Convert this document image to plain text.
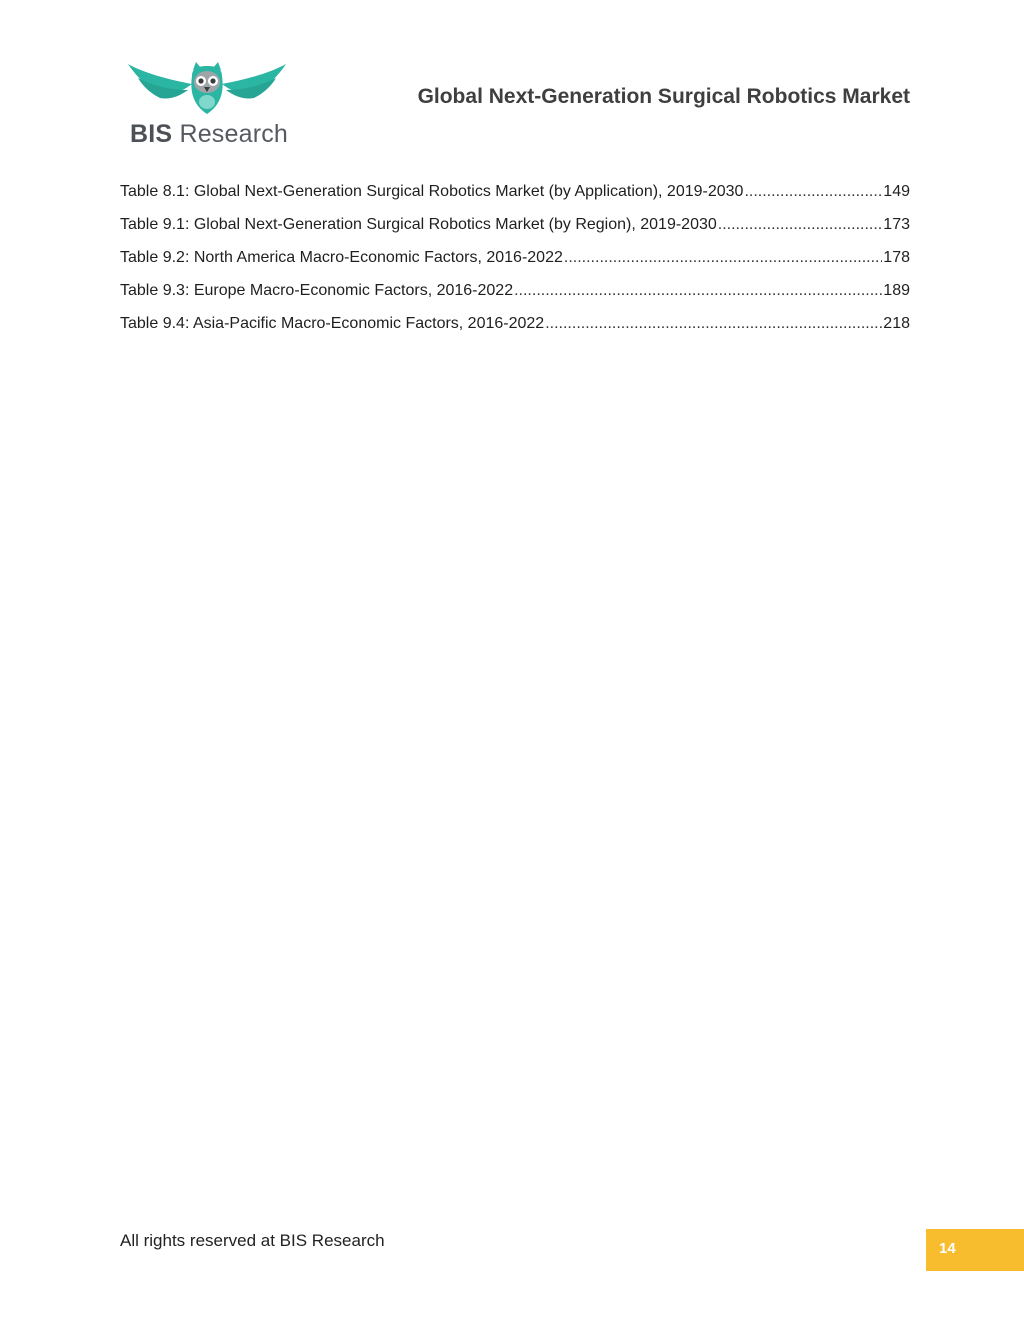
BIS Research
Global Next-Generation Surgical Robotics Market
Table 8.1: Global Next-Generation Surgical Robotics Market (by Application), 2019-2030 .....	149
Table 9.1: Global Next-Generation Surgical Robotics Market (by Region), 2019-2030 .....	173
Table 9.2: North America Macro-Economic Factors, 2016-2022 .....	178
Table 9.3: Europe Macro-Economic Factors, 2016-2022 .....	189
Table 9.4: Asia-Pacific Macro-Economic Factors, 2016-2022 .....	218
All rights reserved at BIS Research	14
